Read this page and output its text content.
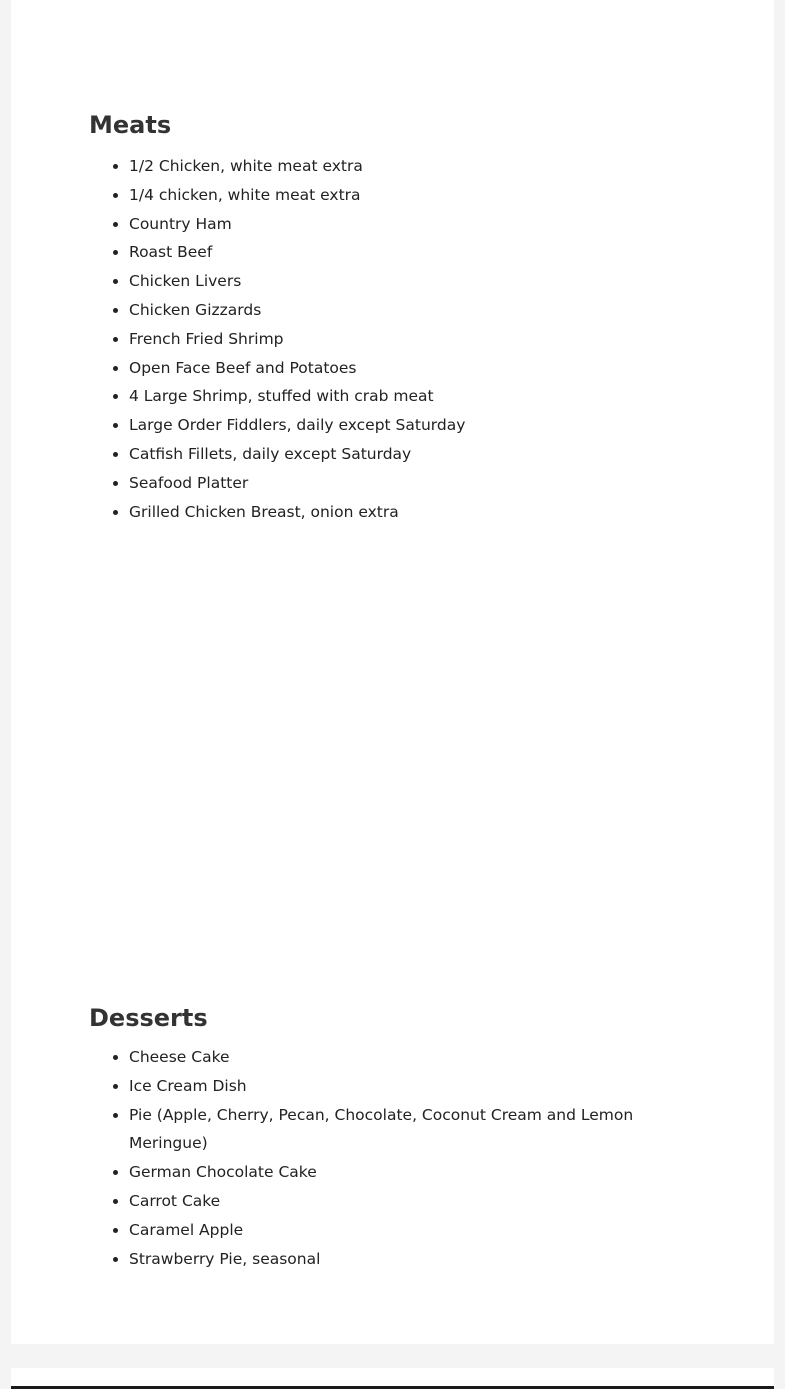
Meats
• 1/2 Chicken, white meat extra
• 1/4 chicken, white meat extra
• Country Ham
• Roast Beef
• Chicken Livers
• Chicken Gizzards
• French Fried Shrimp
• Open Face Beef and Potatoes
• 4 Large Shrimp, stuffed with crab meat
• Large Order Fiddlers, daily except Saturday
• Catfish Fillets, daily except Saturday
• Seafood Platter
• Grilled Chicken Breast, onion extra
Desserts
• Cheese Cake
• Ice Cream Dish
• Pie (Apple, Cherry, Pecan, Chocolate, Coconut Cream and Lemon Meringue)
• German Chocolate Cake
• Carrot Cake
• Caramel Apple
• Strawberry Pie, seasonal
